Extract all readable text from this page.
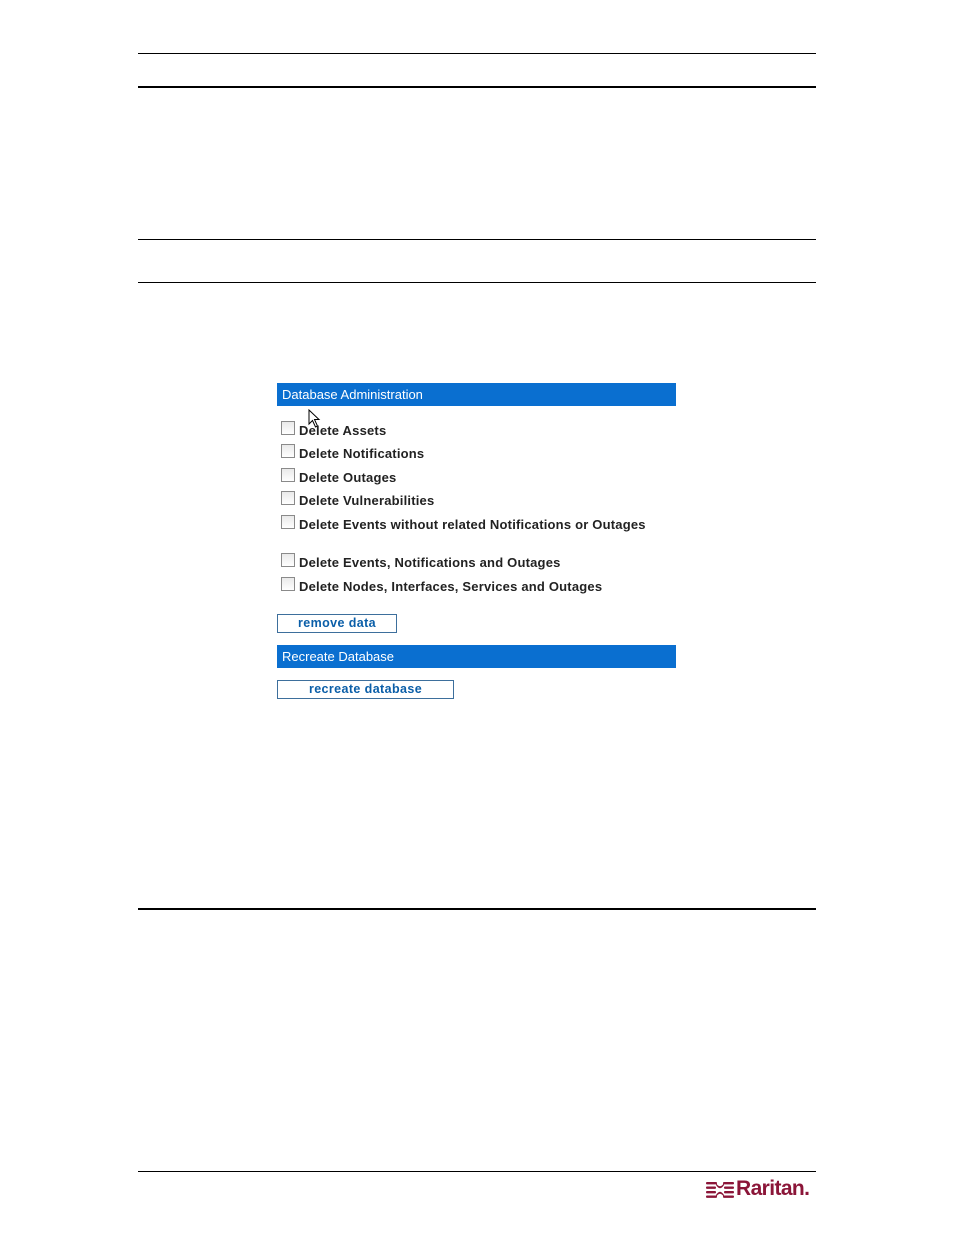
Database Administration
Delete Assets
Delete Notifications
Delete Outages
Delete Vulnerabilities
Delete Events without related Notifications or Outages
Delete Events, Notifications and Outages
Delete Nodes, Interfaces, Services and Outages
remove data
Recreate Database
recreate database
Raritan.
